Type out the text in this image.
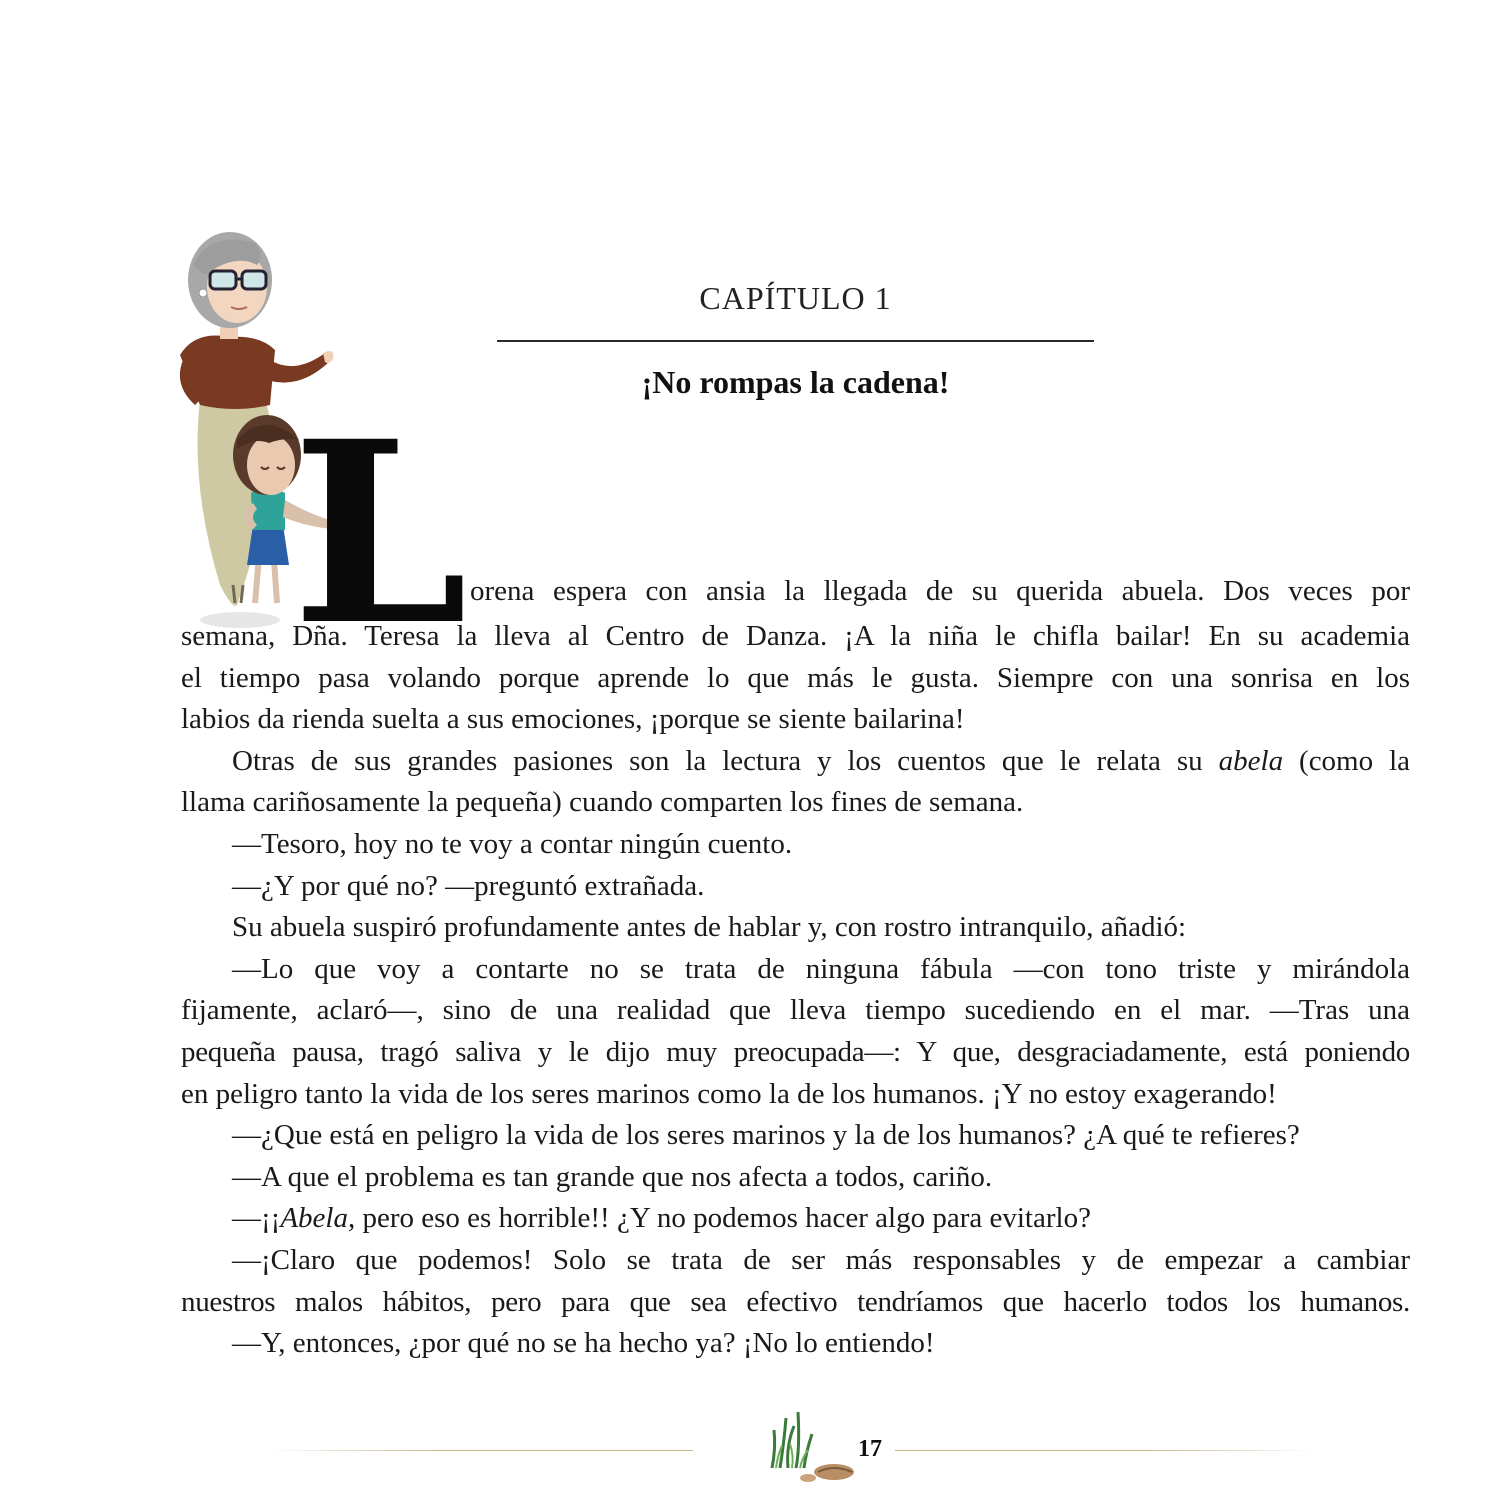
CAPÍTULO 1
¡No rompas la cadena!
L orena espera con ansia la llegada de su querida abuela. Dos veces por
semana, Dña. Teresa la lleva al Centro de Danza. ¡A la niña le chifla bailar! En su academia
el tiempo pasa volando porque aprende lo que más le gusta. Siempre con una sonrisa en los
labios da rienda suelta a sus emociones, ¡porque se siente bailarina!
Otras de sus grandes pasiones son la lectura y los cuentos que le relata su abela (como la
llama cariñosamente la pequeña) cuando comparten los fines de semana.
—Tesoro, hoy no te voy a contar ningún cuento.
—¿Y por qué no? —preguntó extrañada.
Su abuela suspiró profundamente antes de hablar y, con rostro intranquilo, añadió:
—Lo que voy a contarte no se trata de ninguna fábula —con tono triste y mirándola
fijamente, aclaró—, sino de una realidad que lleva tiempo sucediendo en el mar. —Tras una
pequeña pausa, tragó saliva y le dijo muy preocupada—: Y que, desgraciadamente, está poniendo
en peligro tanto la vida de los seres marinos como la de los humanos. ¡Y no estoy exagerando!
—¿Que está en peligro la vida de los seres marinos y la de los humanos? ¿A qué te refieres?
—A que el problema es tan grande que nos afecta a todos, cariño.
—¡¡Abela, pero eso es horrible!! ¿Y no podemos hacer algo para evitarlo?
—¡Claro que podemos! Solo se trata de ser más responsables y de empezar a cambiar
nuestros malos hábitos, pero para que sea efectivo tendríamos que hacerlo todos los humanos.
—Y, entonces, ¿por qué no se ha hecho ya? ¡No lo entiendo!
17
